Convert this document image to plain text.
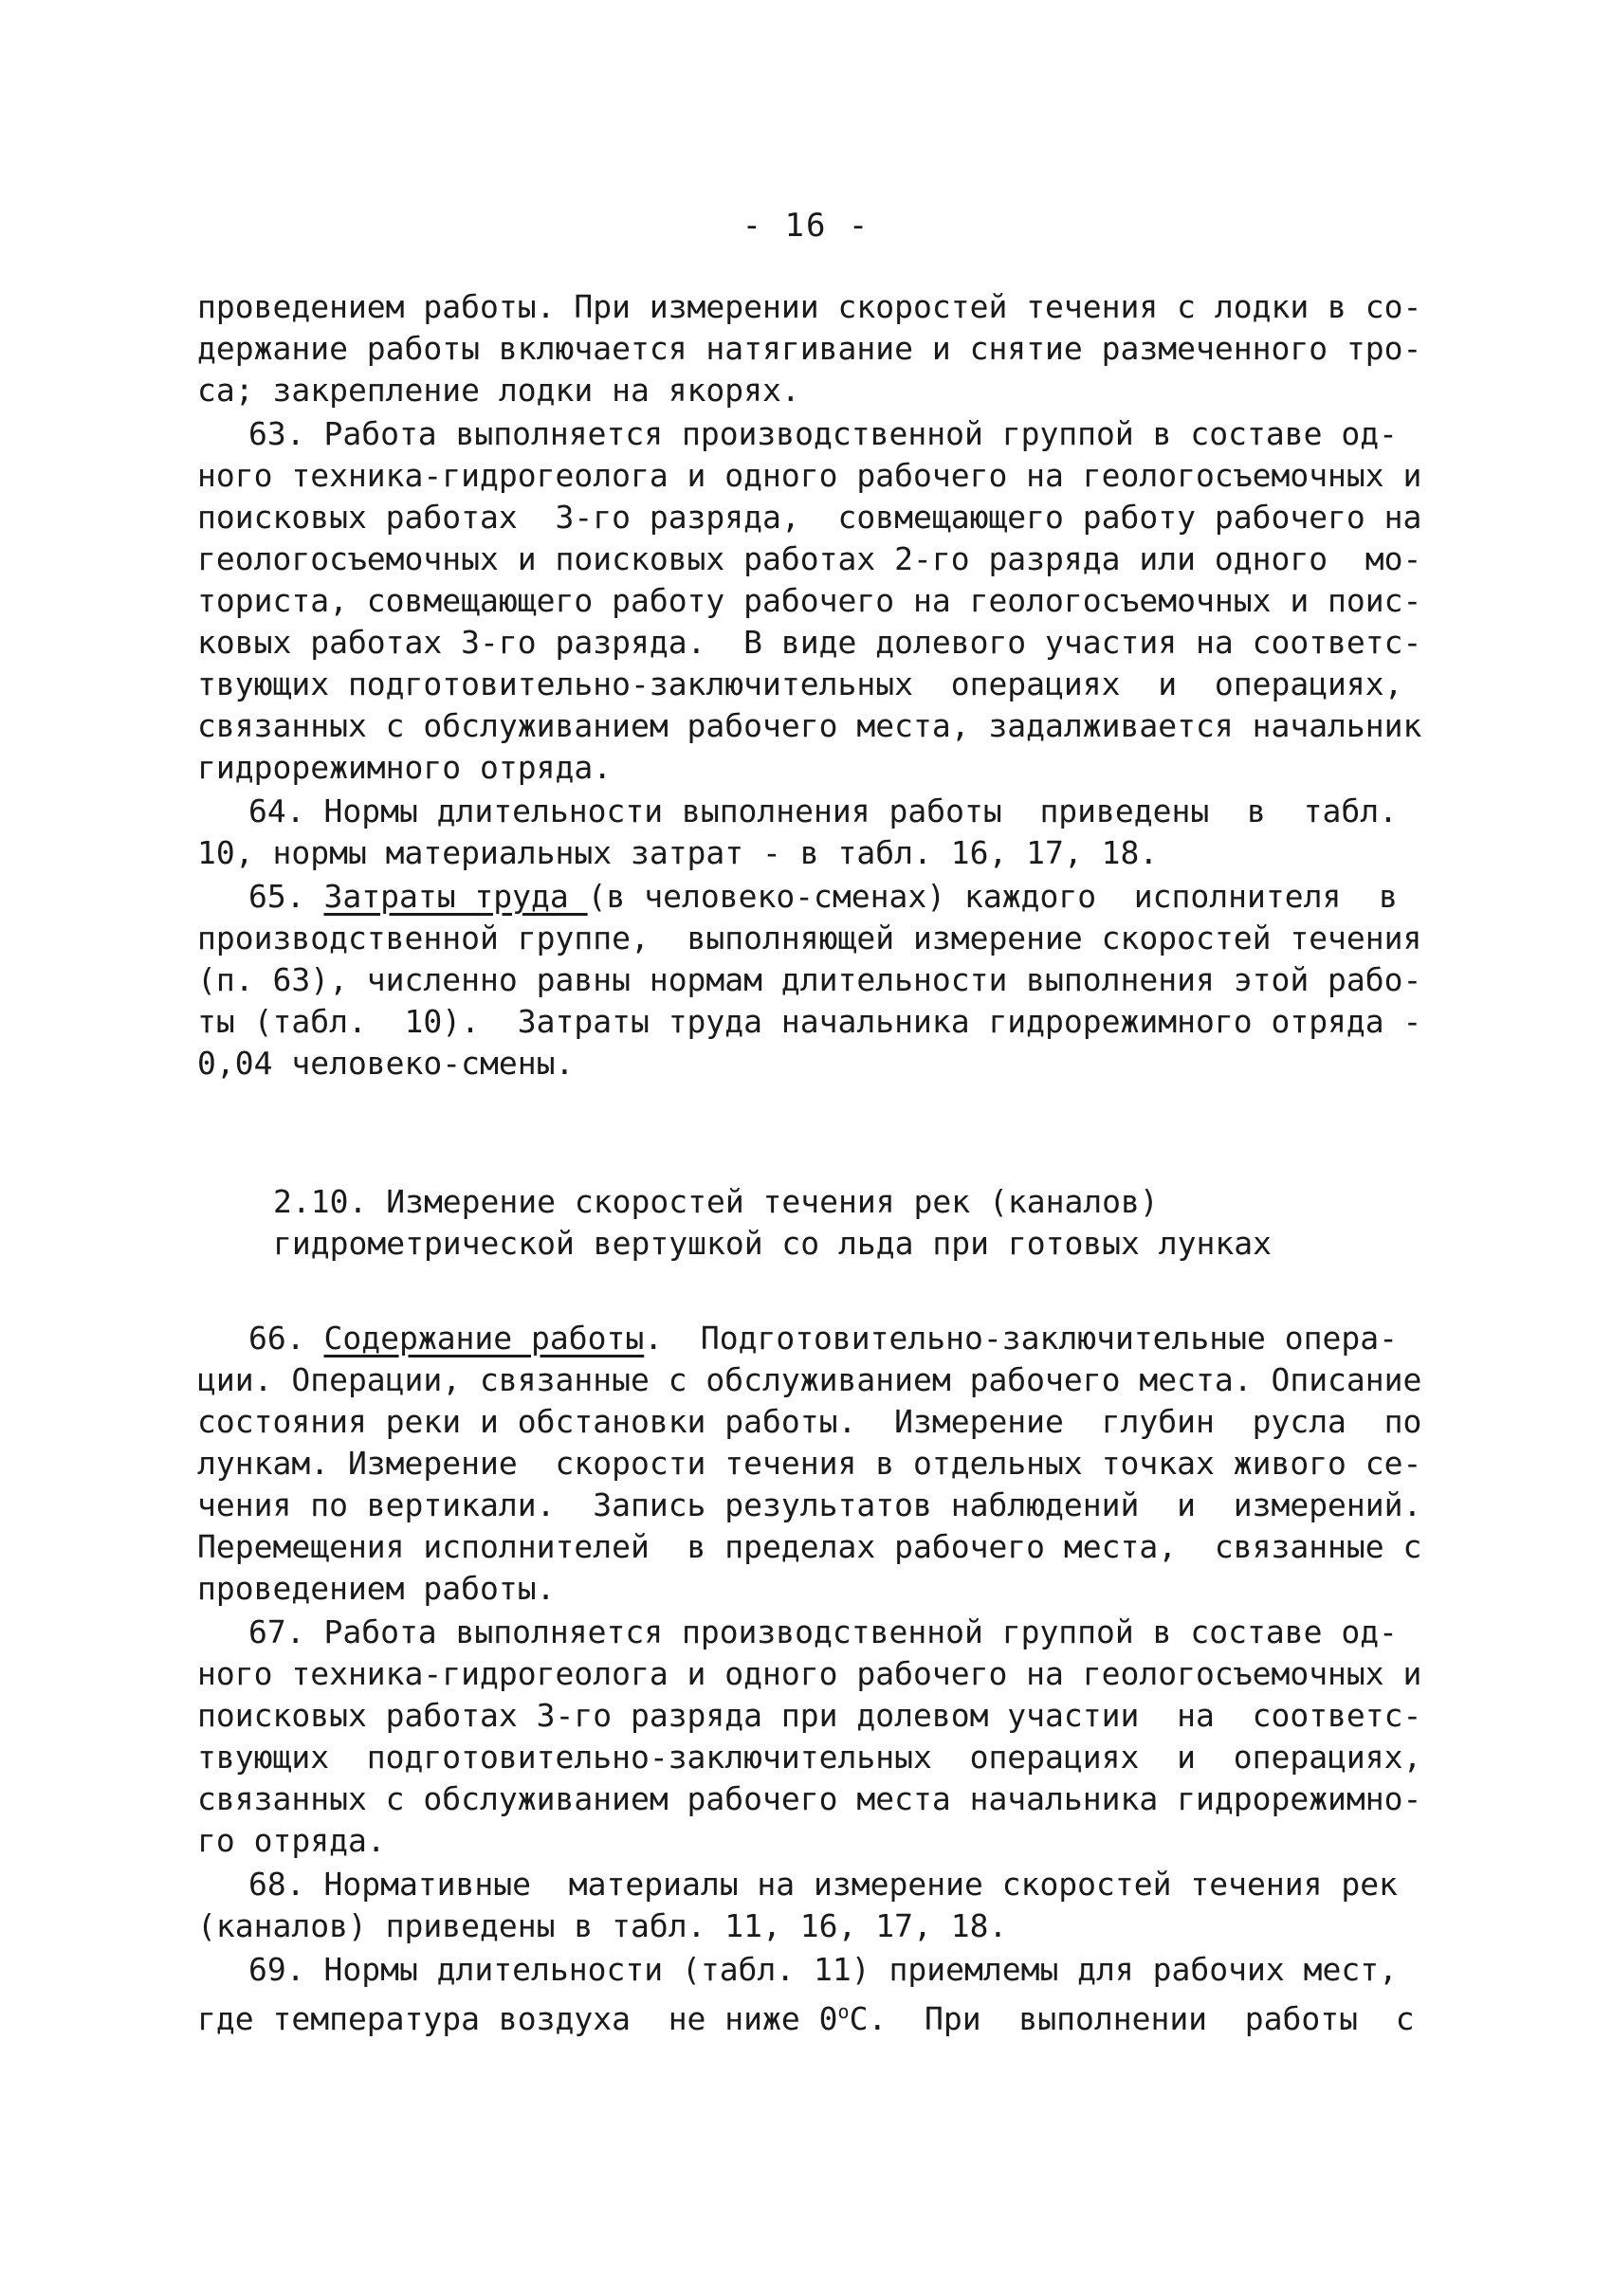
- 16 -
проведением работы. При измерении скоростей течения с лодки в со-
держание работы включается натягивание и снятие размеченного тро-
са; закрепление лодки на якорях.
63. Работа выполняется производственной группой в составе од-
ного техника-гидрогеолога и одного рабочего на геологосъемочных и
поисковых работах  3-го разряда,  совмещающего работу рабочего на
геологосъемочных и поисковых работах 2-го разряда или одного  мо-
ториста, совмещающего работу рабочего на геологосъемочных и поис-
ковых работах 3-го разряда.  В виде долевого участия на соответс-
твующих подготовительно-заключительных  операциях  и  операциях,
связанных с обслуживанием рабочего места, задалживается начальник
гидрорежимного отряда.
64. Нормы длительности выполнения работы  приведены  в  табл.
10, нормы материальных затрат - в табл. 16, 17, 18.
65. Затраты труда (в человеко-сменах) каждого  исполнителя  в
производственной группе,  выполняющей измерение скоростей течения
(п. 63), численно равны нормам длительности выполнения этой рабо-
ты (табл.  10).  Затраты труда начальника гидрорежимного отряда -
0,04 человеко-смены.
2.10. Измерение скоростей течения рек (каналов)
гидрометрической вертушкой со льда при готовых лунках
66. Содержание работы.  Подготовительно-заключительные опера-
ции. Операции, связанные с обслуживанием рабочего места. Описание
состояния реки и обстановки работы.  Измерение  глубин  русла  по
лункам. Измерение  скорости течения в отдельных точках живого се-
чения по вертикали.  Запись результатов наблюдений  и  измерений.
Перемещения исполнителей  в пределах рабочего места,  связанные с
проведением работы.
67. Работа выполняется производственной группой в составе од-
ного техника-гидрогеолога и одного рабочего на геологосъемочных и
поисковых работах 3-го разряда при долевом участии  на  соответс-
твующих  подготовительно-заключительных  операциях  и  операциях,
связанных с обслуживанием рабочего места начальника гидрорежимно-
го отряда.
68. Нормативные  материалы на измерение скоростей течения рек
(каналов) приведены в табл. 11, 16, 17, 18.
69. Нормы длительности (табл. 11) приемлемы для рабочих мест,
где температура воздуха  не ниже $0^оС$.  При  выполнении  работы  с
